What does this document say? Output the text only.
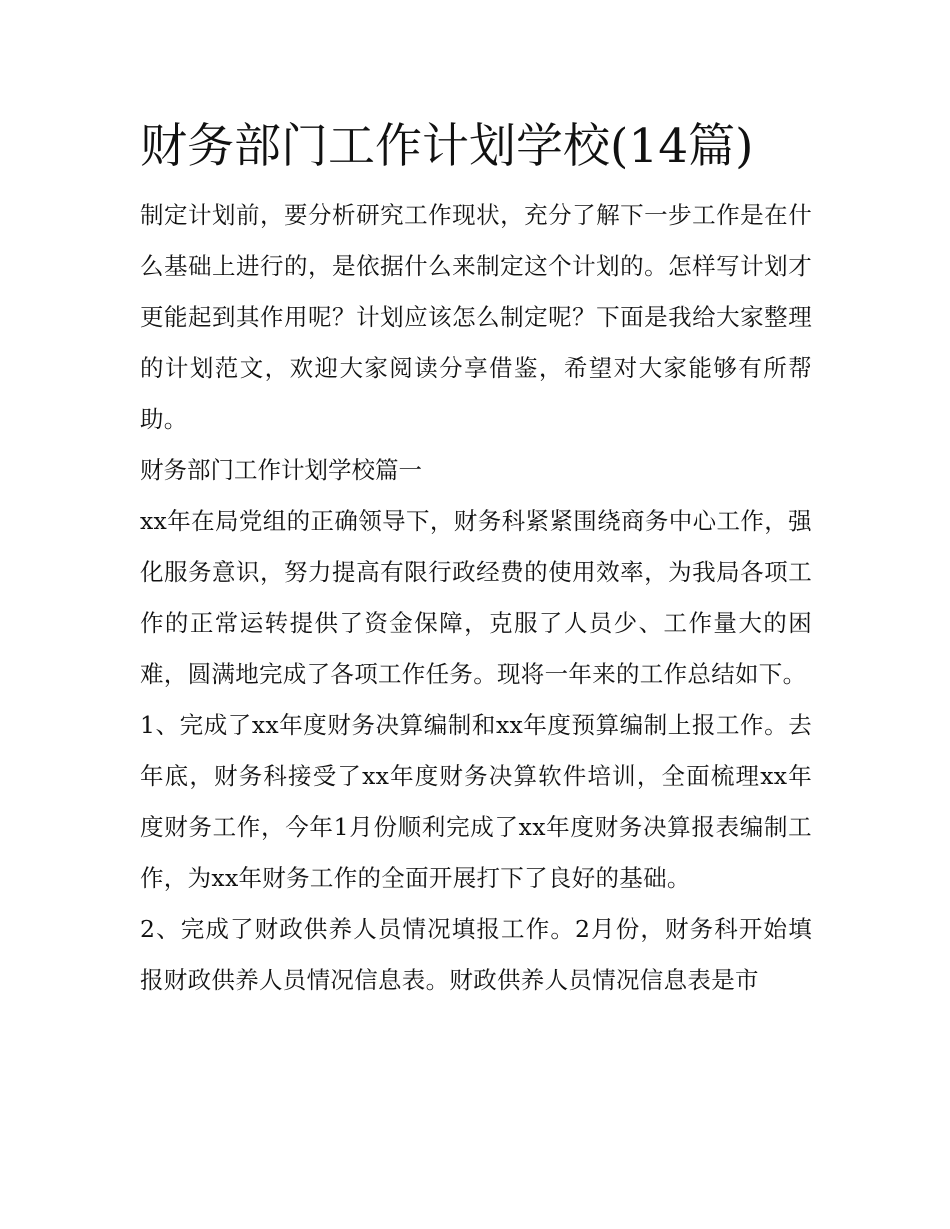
财务部门工作计划学校(14篇)

制定计划前，要分析研究工作现状，充分了解下一步工作是在什么基础上进行的，是依据什么来制定这个计划的。怎样写计划才更能起到其作用呢？计划应该怎么制定呢？下面是我给大家整理的计划范文，欢迎大家阅读分享借鉴，希望对大家能够有所帮助。

财务部门工作计划学校篇一

xx年在局党组的正确领导下，财务科紧紧围绕商务中心工作，强化服务意识，努力提高有限行政经费的使用效率，为我局各项工作的正常运转提供了资金保障，克服了人员少、工作量大的困难，圆满地完成了各项工作任务。现将一年来的工作总结如下。

1、完成了xx年度财务决算编制和xx年度预算编制上报工作。去年底，财务科接受了xx年度财务决算软件培训，全面梳理xx年度财务工作，今年1月份顺利完成了xx年度财务决算报表编制工作，为xx年财务工作的全面开展打下了良好的基础。

2、完成了财政供养人员情况填报工作。2月份，财务科开始填报财政供养人员情况信息表。财政供养人员情况信息表是市
